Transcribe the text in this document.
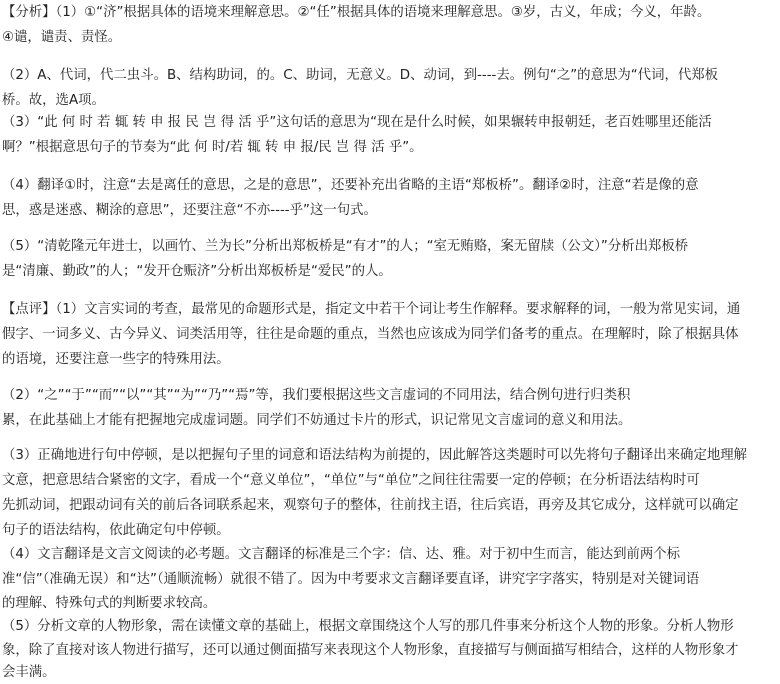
【分析】（1）①“济”根据具体的语境来理解意思。②“任”根据具体的语境来理解意思。③岁，古义，年成；今义，年龄。
④谴，谴责、责怪。
（2）A、代词，代二虫斗。B、结构助词，的。C、助词，无意义。D、动词，到----去。例句“之”的意思为“代词，代郑板
桥。故，选A项。
（3）“此 何 时 若 辄 转 申 报 民 岂 得 活 乎”这句话的意思为“现在是什么时候，如果辗转申报朝廷，老百姓哪里还能活
啊？”根据意思句子的节奏为“此 何 时/若 辄 转 申 报/民 岂 得 活 乎”。
（4）翻译①时，注意“去是离任的意思，之是的意思”，还要补充出省略的主语“郑板桥”。翻译②时，注意“若是像的意
思，惑是迷惑、糊涂的意思”，还要注意“不亦----乎”这一句式。
（5）“清乾隆元年进士，以画竹、兰为长”分析出郑板桥是“有才”的人；“室无贿赂，案无留牍（公文）”分析出郑板桥
是“清廉、勤政”的人；“发开仓赈济”分析出郑板桥是“爱民”的人。
【点评】（1）文言实词的考查，最常见的命题形式是，指定文中若干个词让考生作解释。要求解释的词，一般为常见实词，通
假字、一词多义、古今异义、词类活用等，往往是命题的重点，当然也应该成为同学们备考的重点。在理解时，除了根据具体
的语境，还要注意一些字的特殊用法。
（2）“之”“于”“而”“以”“其”“为”“乃”“焉”等，我们要根据这些文言虚词的不同用法，结合例句进行归类积
累，在此基础上才能有把握地完成虚词题。同学们不妨通过卡片的形式，识记常见文言虚词的意义和用法。
（3）正确地进行句中停顿，是以把握句子里的词意和语法结构为前提的，因此解答这类题时可以先将句子翻译出来确定地理解
文意，把意思结合紧密的文字，看成一个“意义单位”，“单位”与“单位”之间往往需要一定的停顿；在分析语法结构时可
先抓动词，把跟动词有关的前后各词联系起来，观察句子的整体，往前找主语，往后宾语，再旁及其它成分，这样就可以确定
句子的语法结构，依此确定句中停顿。
（4）文言翻译是文言文阅读的必考题。文言翻译的标准是三个字：信、达、雅。对于初中生而言，能达到前两个标
准“信”（准确无误）和“达”（通顺流畅）就很不错了。因为中考要求文言翻译要直译，讲究字字落实，特别是对关键词语
的理解、特殊句式的判断要求较高。
（5）分析文章的人物形象，需在读懂文章的基础上，根据文章围绕这个人写的那几件事来分析这个人物的形象。分析人物形
象，除了直接对该人物进行描写，还可以通过侧面描写来表现这个人物形象，直接描写与侧面描写相结合，这样的人物形象才
会丰满。
